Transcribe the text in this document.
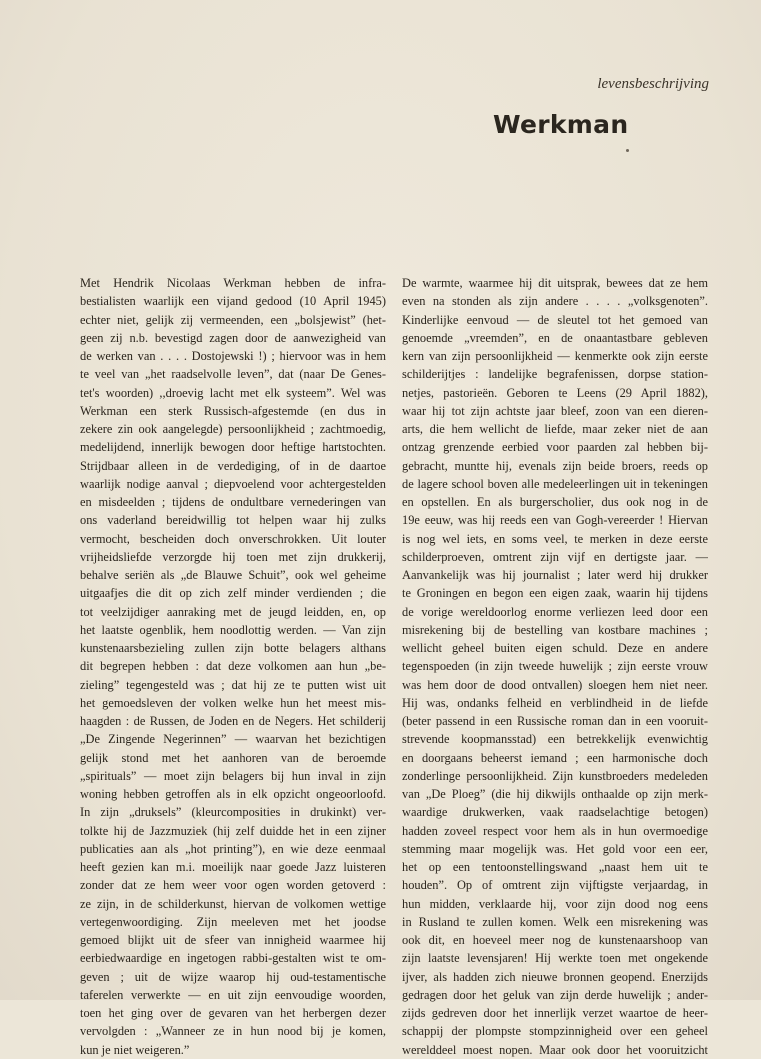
levensbeschrijving
Werkman
Met Hendrik Nicolaas Werkman hebben de infra-
bestialisten waarlijk een vijand gedood (10 April 1945)
echter niet, gelijk zij vermeenden, een „bolsjewist” (het-
geen zij n.b. bevestigd zagen door de aanwezigheid van
de werken van . . . . Dostojewski !) ; hiervoor was in hem
te veel van „het raadselvolle leven”, dat (naar De Genes-
tet's woorden) ,,droevig lacht met elk systeem”. Wel was
Werkman een sterk Russisch-afgestemde (en dus in
zekere zin ook aangelegde) persoonlijkheid ; zachtmoedig,
medelijdend, innerlijk bewogen door heftige hartstochten.
Strijdbaar alleen in de verdediging, of in de daartoe
waarlijk nodige aanval ; diepvoelend voor achtergestelden
en misdeelden ; tijdens de ondultbare vernederingen van
ons vaderland bereidwillig tot helpen waar hij zulks
vermocht, bescheiden doch onverschrokken. Uit louter
vrijheidsliefde verzorgde hij toen met zijn drukkerij,
behalve seriën als „de Blauwe Schuit”, ook wel geheime
uitgaafjes die dit op zich zelf minder verdienden ; die
tot veelzijdiger aanraking met de jeugd leidden, en, op
het laatste ogenblik, hem noodlottig werden. — Van zijn
kunstenaarsbezieling zullen zijn botte belagers althans
dit begrepen hebben : dat deze volkomen aan hun „be-
zieling” tegengesteld was ; dat hij ze te putten wist uit
het gemoedsleven der volken welke hun het meest mis-
haagden : de Russen, de Joden en de Negers. Het schilderij
„De Zingende Negerinnen” — waarvan het bezichtigen
gelijk stond met het aanhoren van de beroemde
„spirituals” — moet zijn belagers bij hun inval in zijn
woning hebben getroffen als in elk opzicht ongeoorloofd.
In zijn „druksels” (kleurcomposities in drukinkt) ver-
tolkte hij de Jazzmuziek (hij zelf duidde het in een zijner
publicaties aan als „hot printing”), en wie deze eenmaal
heeft gezien kan m.i. moeilijk naar goede Jazz luisteren
zonder dat ze hem weer voor ogen worden getoverd :
ze zijn, in de schilderkunst, hiervan de volkomen wettige
vertegenwoordiging. Zijn meeleven met het joodse
gemoed blijkt uit de sfeer van innigheid waarmee hij
eerbiedwaardige en ingetogen rabbi-gestalten wist te om-
geven ; uit de wijze waarop hij oud-testamentische
taferelen verwerkte — en uit zijn eenvoudige woorden,
toen het ging over de gevaren van het herbergen dezer
vervolgden : „Wanneer ze in hun nood bij je komen,
kun je niet weigeren.”
De warmte, waarmee hij dit uitsprak, bewees dat ze hem
even na stonden als zijn andere . . . . „volksgenoten”.
Kinderlijke eenvoud — de sleutel tot het gemoed van
genoemde „vreemden”, en de onaantastbare gebleven
kern van zijn persoonlijkheid — kenmerkte ook zijn eerste
schilderijtjes : landelijke begrafenissen, dorpse station-
netjes, pastorieën. Geboren te Leens (29 April 1882),
waar hij tot zijn achtste jaar bleef, zoon van een dieren-
arts, die hem wellicht de liefde, maar zeker niet de aan
ontzag grenzende eerbied voor paarden zal hebben bij-
gebracht, muntte hij, evenals zijn beide broers, reeds op
de lagere school boven alle medeleerlingen uit in tekeningen
en opstellen. En als burgerscholier, dus ook nog in de
19e eeuw, was hij reeds een van Gogh-vereerder ! Hiervan
is nog wel iets, en soms veel, te merken in deze eerste
schilderproeven, omtrent zijn vijf en dertigste jaar. —
Aanvankelijk was hij journalist ; later werd hij drukker
te Groningen en begon een eigen zaak, waarin hij tijdens
de vorige wereldoorlog enorme verliezen leed door een
misrekening bij de bestelling van kostbare machines ;
wellicht geheel buiten eigen schuld. Deze en andere
tegenspoeden (in zijn tweede huwelijk ; zijn eerste vrouw
was hem door de dood ontvallen) sloegen hem niet neer.
Hij was, ondanks felheid en verblindheid in de liefde
(beter passend in een Russische roman dan in een vooruit-
strevende koopmansstad) een betrekkelijk evenwichtig
en doorgaans beheerst iemand ; een harmonische doch
zonderlinge persoonlijkheid. Zijn kunstbroeders medeleden
van „De Ploeg” (die hij dikwijls onthaalde op zijn merk-
waardige drukwerken, vaak raadselachtige betogen)
hadden zoveel respect voor hem als in hun overmoedige
stemming maar mogelijk was. Het gold voor een eer,
het op een tentoonstellingswand „naast hem uit te
houden”. Op of omtrent zijn vijftigste verjaardag, in
hun midden, verklaarde hij, voor zijn dood nog eens
in Rusland te zullen komen. Welk een misrekening was
ook dit, en hoeveel meer nog de kunstenaarshoop van
zijn laatste levensjaren! Hij werkte toen met ongekende
ijver, als hadden zich nieuwe bronnen geopend. Enerzijds
gedragen door het geluk van zijn derde huwelijk ; ander-
zijds gedreven door het innerlijk verzet waartoe de heer-
schappij der plompste stompzinnigheid over een geheel
werelddeel moest nopen. Maar ook door het vooruitzicht
